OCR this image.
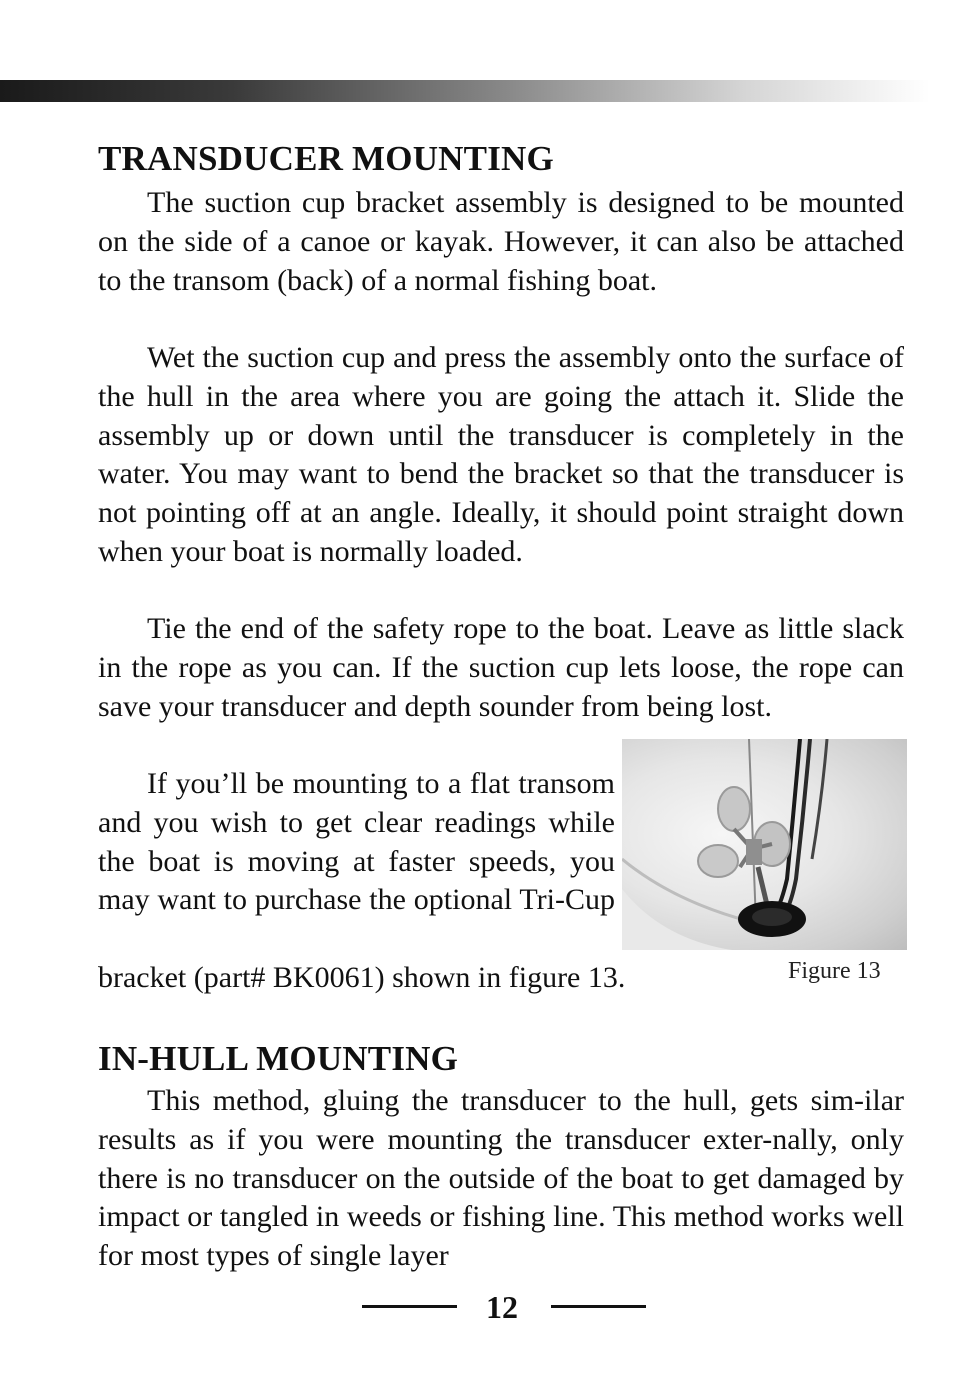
TRANSDUCER MOUNTING

The suction cup bracket assembly is designed to be mounted on the side of a canoe or kayak. However, it can also be attached to the transom (back) of a normal fishing boat.

Wet the suction cup and press the assembly onto the surface of the hull in the area where you are going the attach it. Slide the assembly up or down until the transducer is completely in the water. You may want to bend the bracket so that the transducer is not pointing off at an angle. Ideally, it should point straight down when your boat is normally loaded.

Tie the end of the safety rope to the boat. Leave as little slack in the rope as you can. If the suction cup lets loose, the rope can save your transducer and depth sounder from being lost.

If you’ll be mounting to a flat transom and you wish to get clear readings while the boat is moving at faster speeds, you may want to purchase the optional Tri-Cup

bracket (part# BK0061) shown in figure 13.	Figure 13
IN-HULL MOUNTING

This method, gluing the transducer to the hull, gets sim-ilar results as if you were mounting the transducer exter-nally, only there is no transducer on the outside of the boat to get damaged by impact or tangled in weeds or fishing line. This method works well for most types of single layer

12
